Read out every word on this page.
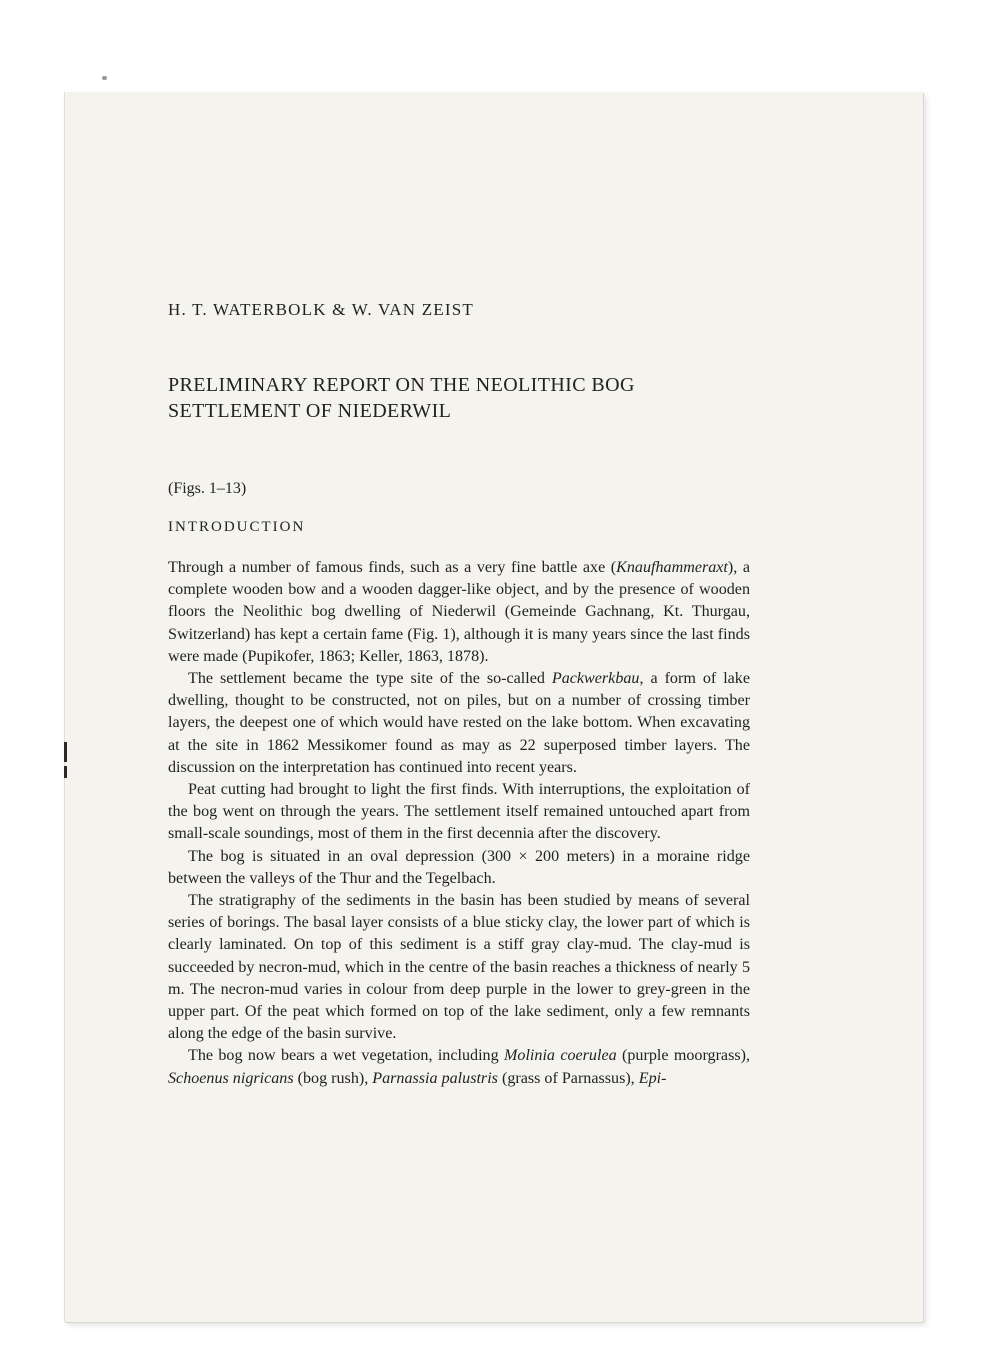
H. T. WATERBOLK & W. VAN ZEIST
PRELIMINARY REPORT ON THE NEOLITHIC BOG
SETTLEMENT OF NIEDERWIL
(Figs. 1–13)
INTRODUCTION

Through a number of famous finds, such as a very fine battle axe (Knaufhammeraxt), a complete wooden bow and a wooden dagger-like object, and by the presence of wooden floors the Neolithic bog dwelling of Niederwil (Gemeinde Gachnang, Kt. Thurgau, Switzerland) has kept a certain fame (Fig. 1), although it is many years since the last finds were made (Pupikofer, 1863; Keller, 1863, 1878).

The settlement became the type site of the so-called Packwerkbau, a form of lake dwelling, thought to be constructed, not on piles, but on a number of crossing timber layers, the deepest one of which would have rested on the lake bottom. When excavating at the site in 1862 Messikomer found as may as 22 superposed timber layers. The discussion on the interpretation has continued into recent years.

Peat cutting had brought to light the first finds. With interruptions, the exploitation of the bog went on through the years. The settlement itself remained untouched apart from small-scale soundings, most of them in the first decennia after the discovery.

The bog is situated in an oval depression (300 × 200 meters) in a moraine ridge between the valleys of the Thur and the Tegelbach.

The stratigraphy of the sediments in the basin has been studied by means of several series of borings. The basal layer consists of a blue sticky clay, the lower part of which is clearly laminated. On top of this sediment is a stiff gray clay-mud. The clay-mud is succeeded by necron-mud, which in the centre of the basin reaches a thickness of nearly 5 m. The necron-mud varies in colour from deep purple in the lower to grey-green in the upper part. Of the peat which formed on top of the lake sediment, only a few remnants along the edge of the basin survive.

The bog now bears a wet vegetation, including Molinia coerulea (purple moorgrass), Schoenus nigricans (bog rush), Parnassia palustris (grass of Parnassus), Epi-
